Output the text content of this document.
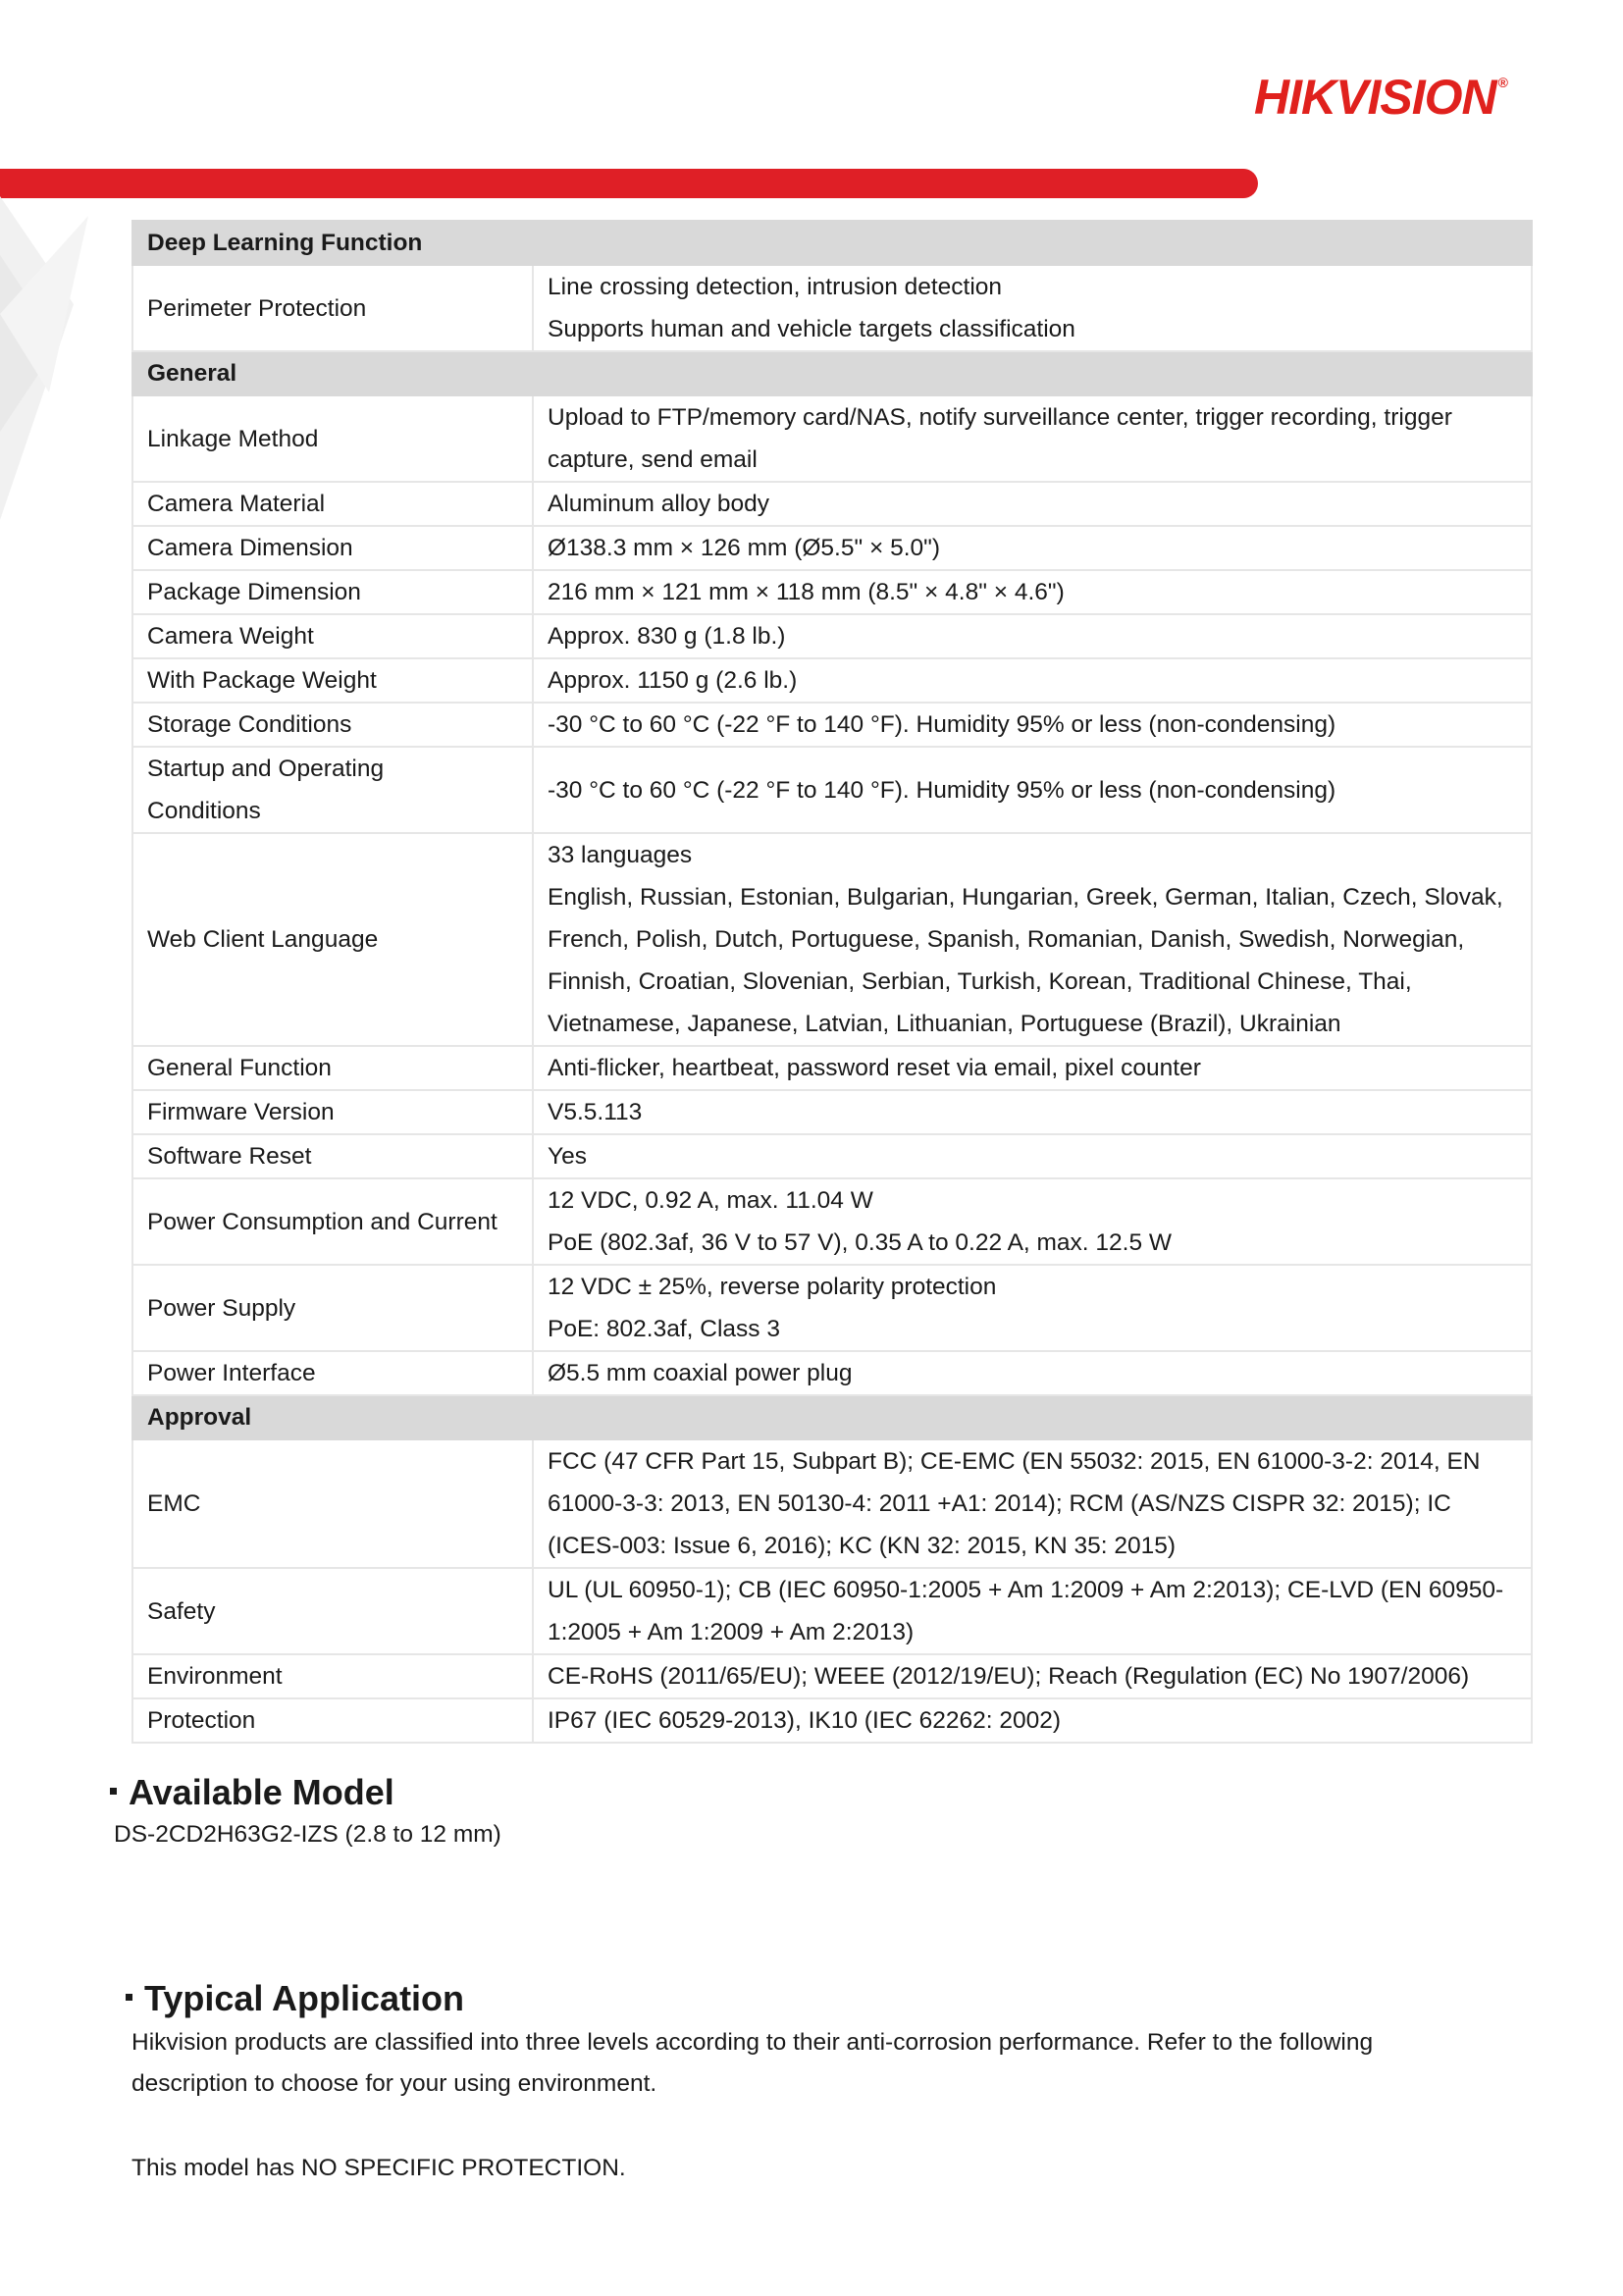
HIKVISION ®
Deep Learning Function	
Perimeter Protection	Line crossing detection, intrusion detection
Supports human and vehicle targets classification

General	
Linkage Method	Upload to FTP/memory card/NAS, notify surveillance center, trigger recording, trigger
capture, send email

Camera Material	Aluminum alloy body

Camera Dimension	Ø138.3 mm × 126 mm (Ø5.5" × 5.0")

Package Dimension	216 mm × 121 mm × 118 mm (8.5" × 4.8" × 4.6")

Camera Weight	Approx. 830 g (1.8 lb.)

With Package Weight	Approx. 1150 g (2.6 lb.)

Storage Conditions	-30 °C to 60 °C (-22 °F to 140 °F). Humidity 95% or less (non-condensing)

Startup and Operating
Conditions	-30 °C to 60 °C (-22 °F to 140 °F). Humidity 95% or less (non-condensing)

Web Client Language	33 languages
English, Russian, Estonian, Bulgarian, Hungarian, Greek, German, Italian, Czech, Slovak,
French, Polish, Dutch, Portuguese, Spanish, Romanian, Danish, Swedish, Norwegian,
Finnish, Croatian, Slovenian, Serbian, Turkish, Korean, Traditional Chinese, Thai,
Vietnamese, Japanese, Latvian, Lithuanian, Portuguese (Brazil), Ukrainian

General Function	Anti-flicker, heartbeat, password reset via email, pixel counter

Firmware Version	V5.5.113

Software Reset	Yes

Power Consumption and Current	12 VDC, 0.92 A, max. 11.04 W
PoE (802.3af, 36 V to 57 V), 0.35 A to 0.22 A, max. 12.5 W

Power Supply	12 VDC ± 25%, reverse polarity protection
PoE: 802.3af, Class 3

Power Interface	Ø5.5 mm coaxial power plug

Approval	
EMC	FCC (47 CFR Part 15, Subpart B); CE-EMC (EN 55032: 2015, EN 61000-3-2: 2014, EN
61000-3-3: 2013, EN 50130-4: 2011 +A1: 2014); RCM (AS/NZS CISPR 32: 2015); IC
(ICES-003: Issue 6, 2016); KC (KN 32: 2015, KN 35: 2015)

Safety	UL (UL 60950-1); CB (IEC 60950-1:2005 + Am 1:2009 + Am 2:2013); CE-LVD (EN 60950-
1:2005 + Am 1:2009 + Am 2:2013)

Environment	CE-RoHS (2011/65/EU); WEEE (2012/19/EU); Reach (Regulation (EC) No 1907/2006)

Protection	IP67 (IEC 60529-2013), IK10 (IEC 62262: 2002)
Available Model
DS-2CD2H63G2-IZS (2.8 to 12 mm)
Typical Application
Hikvision products are classified into three levels according to their anti-corrosion performance. Refer to the following
description to choose for your using environment.
This model has NO SPECIFIC PROTECTION.
